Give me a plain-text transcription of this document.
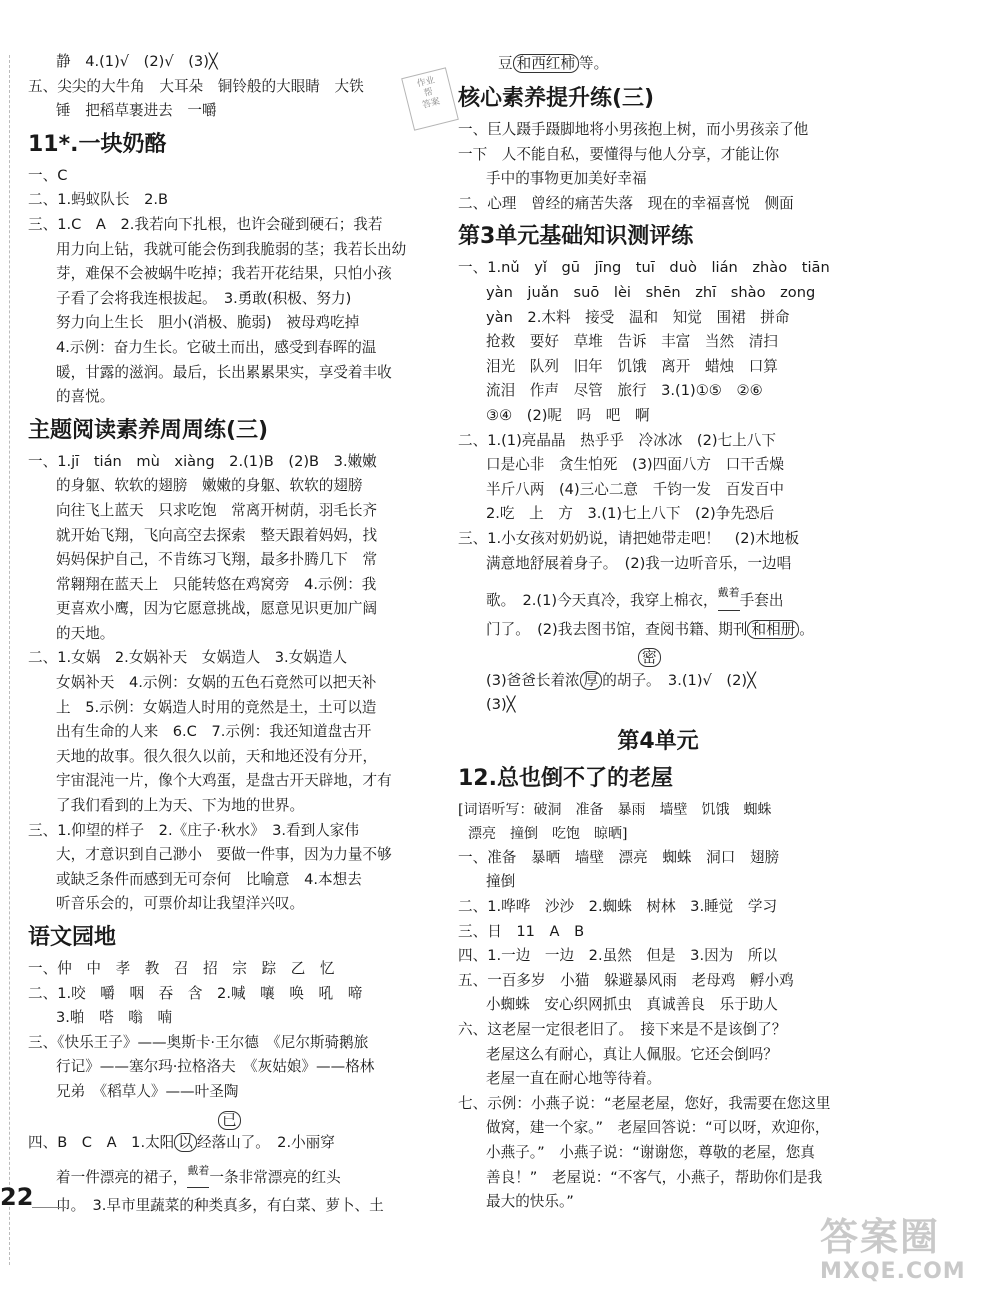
作业
帮
答案
静　4.(1)√　(2)√　(3)╳
五、尖尖的大牛角　大耳朵　铜铃般的大眼睛　大铁
锤　把稻草裹进去　一嚼
11*.一块奶酪
一、C
二、1.蚂蚁队长　2.B
三、1.C　A　2.我若向下扎根，也许会碰到硬石；我若
用力向上钻，我就可能会伤到我脆弱的茎；我若长出幼
芽，难保不会被蜗牛吃掉；我若开花结果，只怕小孩
子看了会将我连根拔起。　3.勇敢(积极、努力)
努力向上生长　胆小(消极、脆弱)　被母鸡吃掉
4.示例：奋力生长。它破土而出，感受到春晖的温
暖，甘露的滋润。最后，长出累累果实，享受着丰收
的喜悦。
主题阅读素养周周练(三)
一、1.jī　tián　mù　xiàng　2.(1)B　(2)B　3.嫩嫩
的身躯、软软的翅膀　嫩嫩的身躯、软软的翅膀
向往飞上蓝天　只求吃饱　常离开树荫，羽毛长齐
就开始飞翔，飞向高空去探索　整天跟着妈妈，找
妈妈保护自己，不肯练习飞翔，最多扑腾几下　常
常翱翔在蓝天上　只能转悠在鸡窝旁　4.示例：我
更喜欢小鹰，因为它愿意挑战，愿意见识更加广阔
的天地。
二、1.女娲　2.女娲补天　女娲造人　3.女娲造人
女娲补天　4.示例：女娲的五色石竟然可以把天补
上　5.示例：女娲造人时用的竟然是土，土可以造
出有生命的人来　6.C　7.示例：我还知道盘古开
天地的故事。很久很久以前，天和地还没有分开，
宇宙混沌一片，像个大鸡蛋，是盘古开天辟地，才有
了我们看到的上为天、下为地的世界。
三、1.仰望的样子　2.《庄子·秋水》　3.看到人家伟
大，才意识到自己渺小　要做一件事，因为力量不够
或缺乏条件而感到无可奈何　比喻意　4.本想去
听音乐会的，可票价却让我望洋兴叹。
语文园地
一、仲　中　孝　教　召　招　宗　踪　乙　忆
二、1.咬　嚼　咽　吞　含　2.喊　嚷　唤　吼　啼
3.啪　嗒　嗡　喃
三、《快乐王子》——奥斯卡·王尔德　《尼尔斯骑鹅旅
行记》——塞尔玛·拉格洛夫　《灰姑娘》——格林
兄弟　《稻草人》——叶圣陶
已
四、B　C　A　1.太阳 以 经落山了。　2.小丽穿
着一件漂亮的裙子，戴着一条非常漂亮的红头
巾。　3.早市里蔬菜的种类真多，有白菜、萝卜、土
豆 和西红柿 等。
核心素养提升练(三)
一、巨人蹑手蹑脚地将小男孩抱上树，而小男孩亲了他
一下　人不能自私，要懂得与他人分享，才能让你
手中的事物更加美好幸福
二、心理　曾经的痛苦失落　现在的幸福喜悦　侧面
第3单元基础知识测评练
一、1.nǔ　yǐ　gū　jīng　tuī　duò　lián　zhào　tiān
yàn　juǎn　suō　lèi　shēn　zhī　shào　zong
yàn　2.木料　接受　温和　知觉　围裙　拼命
抢救　要好　草堆　告诉　丰富　当然　清扫
泪光　队列　旧年　饥饿　离开　蜡烛　口算
流泪　作声　尽管　旅行　3.(1)①⑤　②⑥
③④　(2)呢　吗　吧　啊
二、1.(1)亮晶晶　热乎乎　冷冰冰　(2)七上八下
口是心非　贪生怕死　(3)四面八方　口干舌燥
半斤八两　(4)三心二意　千钧一发　百发百中
2.吃　上　方　3.(1)七上八下　(2)争先恐后
三、1.小女孩对奶奶说，请把她带走吧！　(2)木地板
满意地舒展着身子。　(2)我一边听音乐，一边唱
歌。　2.(1)今天真冷，我穿上棉衣，戴着手套出
门了。　(2)我去图书馆，查阅书籍、期刊 和相册 。
密
(3)爸爸长着浓 厚 的胡子。　3.(1)√　(2)╳
(3)╳
第4单元
12.总也倒不了的老屋
[词语听写：破洞　准备　暴雨　墙壁　饥饿　蜘蛛
漂亮　撞倒　吃饱　晾晒]
一、准备　暴晒　墙壁　漂亮　蜘蛛　洞口　翅膀
撞倒
二、1.哗哗　沙沙　2.蜘蛛　树林　3.睡觉　学习
三、日　11　A　B
四、1.一边　一边　2.虽然　但是　3.因为　所以
五、一百多岁　小猫　躲避暴风雨　老母鸡　孵小鸡
小蜘蛛　安心织网抓虫　真诚善良　乐于助人
六、这老屋一定很老旧了。　接下来是不是该倒了？
老屋这么有耐心，真让人佩服。它还会倒吗？
老屋一直在耐心地等待着。
七、示例：小燕子说：“老屋老屋，您好，我需要在您这里
做窝，建一个家。”　老屋回答说：“可以呀，欢迎你，
小燕子。”　小燕子说：“谢谢您，尊敬的老屋，您真
善良！”　老屋说：“不客气，小燕子，帮助你们是我
最大的快乐。”
22
答案圈
MXQE.COM
